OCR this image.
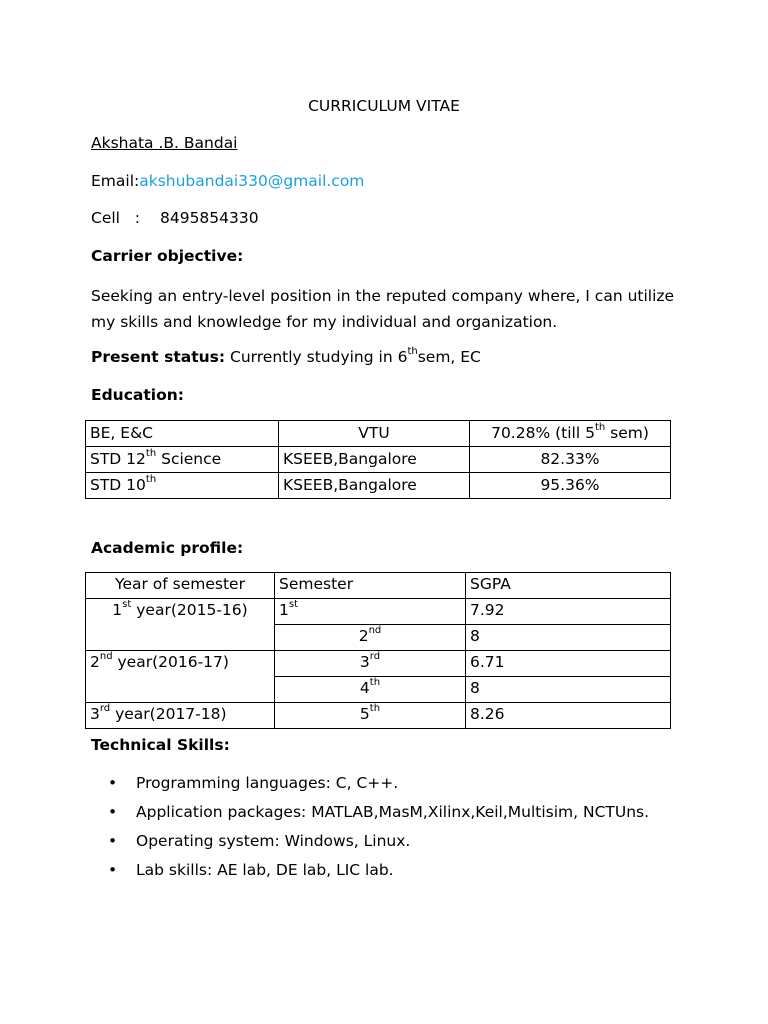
CURRICULUM VITAE
Akshata .B. Bandai
Email:akshubandai330@gmail.com
Cell   : 8495854330
Carrier objective:
Seeking an entry-level position in the reputed company where, I can utilize my skills and knowledge for my individual and organization.
Present status: Currently studying in 6thsem, EC
Education:
BE, E&C	VTU	70.28% (till 5th sem)
STD 12th Science	KSEEB,Bangalore	82.33%
STD 10th	KSEEB,Bangalore	95.36%
Academic profile:
Year of semester	Semester	SGPA
1st year(2015-16)	1st	7.92
	2nd	8
2nd year(2016-17)	3rd	6.71
	4th	8
3rd year(2017-18)	5th	8.26
Technical Skills:
• Programming languages: C, C++.
• Application packages: MATLAB,MasM,Xilinx,Keil,Multisim, NCTUns.
• Operating system: Windows, Linux.
• Lab skills: AE lab, DE lab, LIC lab.
